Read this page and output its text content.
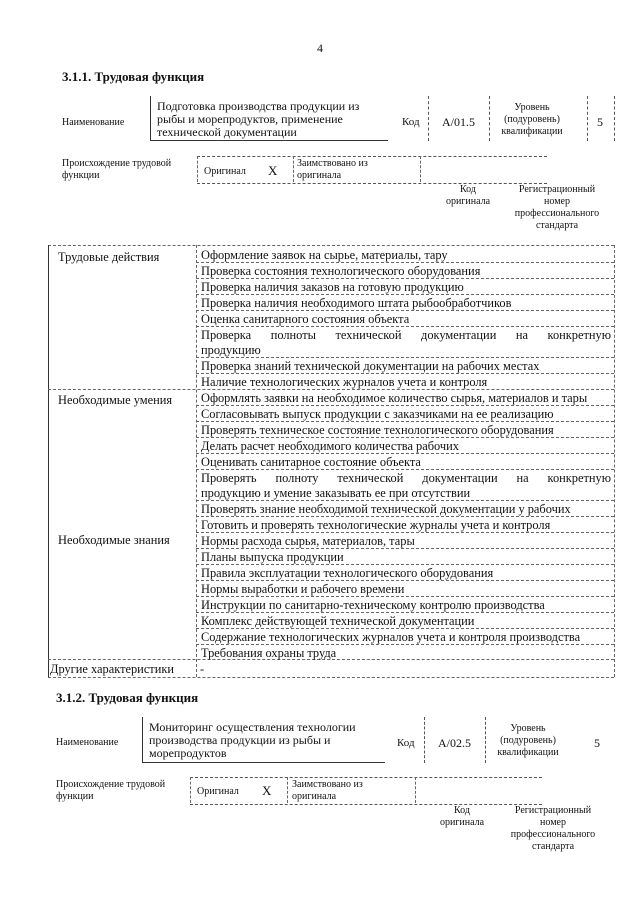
4
3.1.1. Трудовая функция
Наименование
Подготовка производства продукции из рыбы и морепродуктов, применение технической документации
Код A/01.5
Уровень (подуровень) квалификации
5
Происхождение трудовой функции	Оригинал X Заимствовано из оригинала
Код оригинала
Регистрационный номер профессионального стандарта
Трудовые действия
Необходимые умения
Необходимые знания
Другие характеристики -
Оформление заявок на сырье, материалы, тару
Проверка состояния технологического оборудования
Проверка наличия заказов на готовую продукцию
Проверка наличия необходимого штата рыбообработчиков
Оценка санитарного состояния объекта
Проверка полноты технической документации на конкретную
продукцию
Проверка знаний технической документации на рабочих местах
Наличие технологических журналов учета и контроля
Оформлять заявки на необходимое количество сырья, материалов и тары
Согласовывать выпуск продукции с заказчиками на ее реализацию
Проверять техническое состояние технологического оборудования
Делать расчет необходимого количества рабочих
Оценивать санитарное состояние объекта
Проверять полноту технической документации на конкретную
продукцию и умение заказывать ее при отсутствии
Проверять знание необходимой технической документации у рабочих
Готовить и проверять технологические журналы учета и контроля
Нормы расхода сырья, материалов, тары
Планы выпуска продукции
Правила эксплуатации технологического оборудования
Нормы выработки и рабочего времени
Инструкции по санитарно-техническому контролю производства
Комплекс действующей технической документации
Содержание технологических журналов учета и контроля производства
Требования охраны труда
3.1.2. Трудовая функция
Наименование
Мониторинг осуществления технологии производства продукции из рыбы и морепродуктов
Код A/02.5
Уровень (подуровень) квалификации
5
Происхождение трудовой функции	Оригинал X Заимствовано из оригинала
Код оригинала
Регистрационный номер профессионального стандарта
